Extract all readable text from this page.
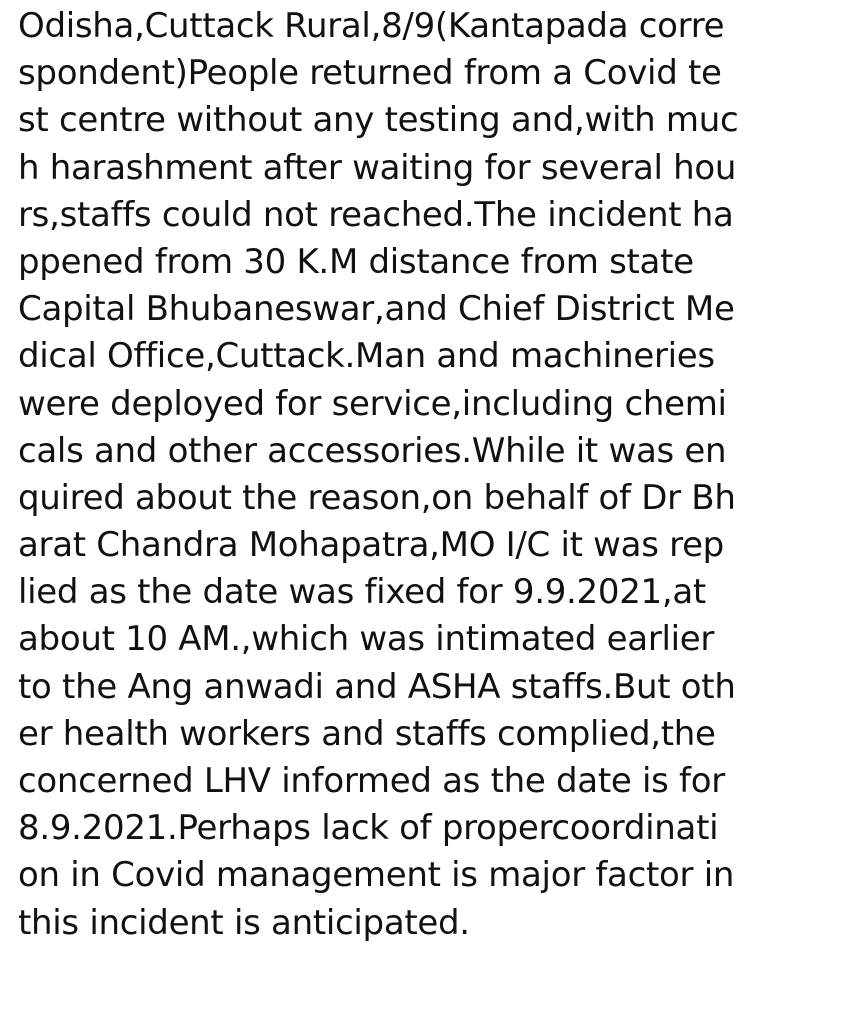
Odisha,Cuttack Rural,8/9(Kantapada corre
spondent)People returned from a Covid te
st centre without any testing and,with muc
h harashment after waiting for several hou
rs,staffs could not reached.The incident ha
ppened from 30 K.M distance from state
Capital Bhubaneswar,and Chief District Me
dical Office,Cuttack.Man and machineries
were deployed for service,including chemi
cals and other accessories.While it was en
quired about the reason,on behalf of Dr Bh
arat Chandra Mohapatra,MO I/C it was rep
lied as the date was fixed for 9.9.2021,at
about 10 AM.,which was intimated earlier
to the Ang anwadi and ASHA staffs.But oth
er health workers and staffs complied,the
concerned LHV informed as the date is for
8.9.2021.Perhaps lack of propercoordinati
on in Covid management is major factor in
this incident is anticipated.
